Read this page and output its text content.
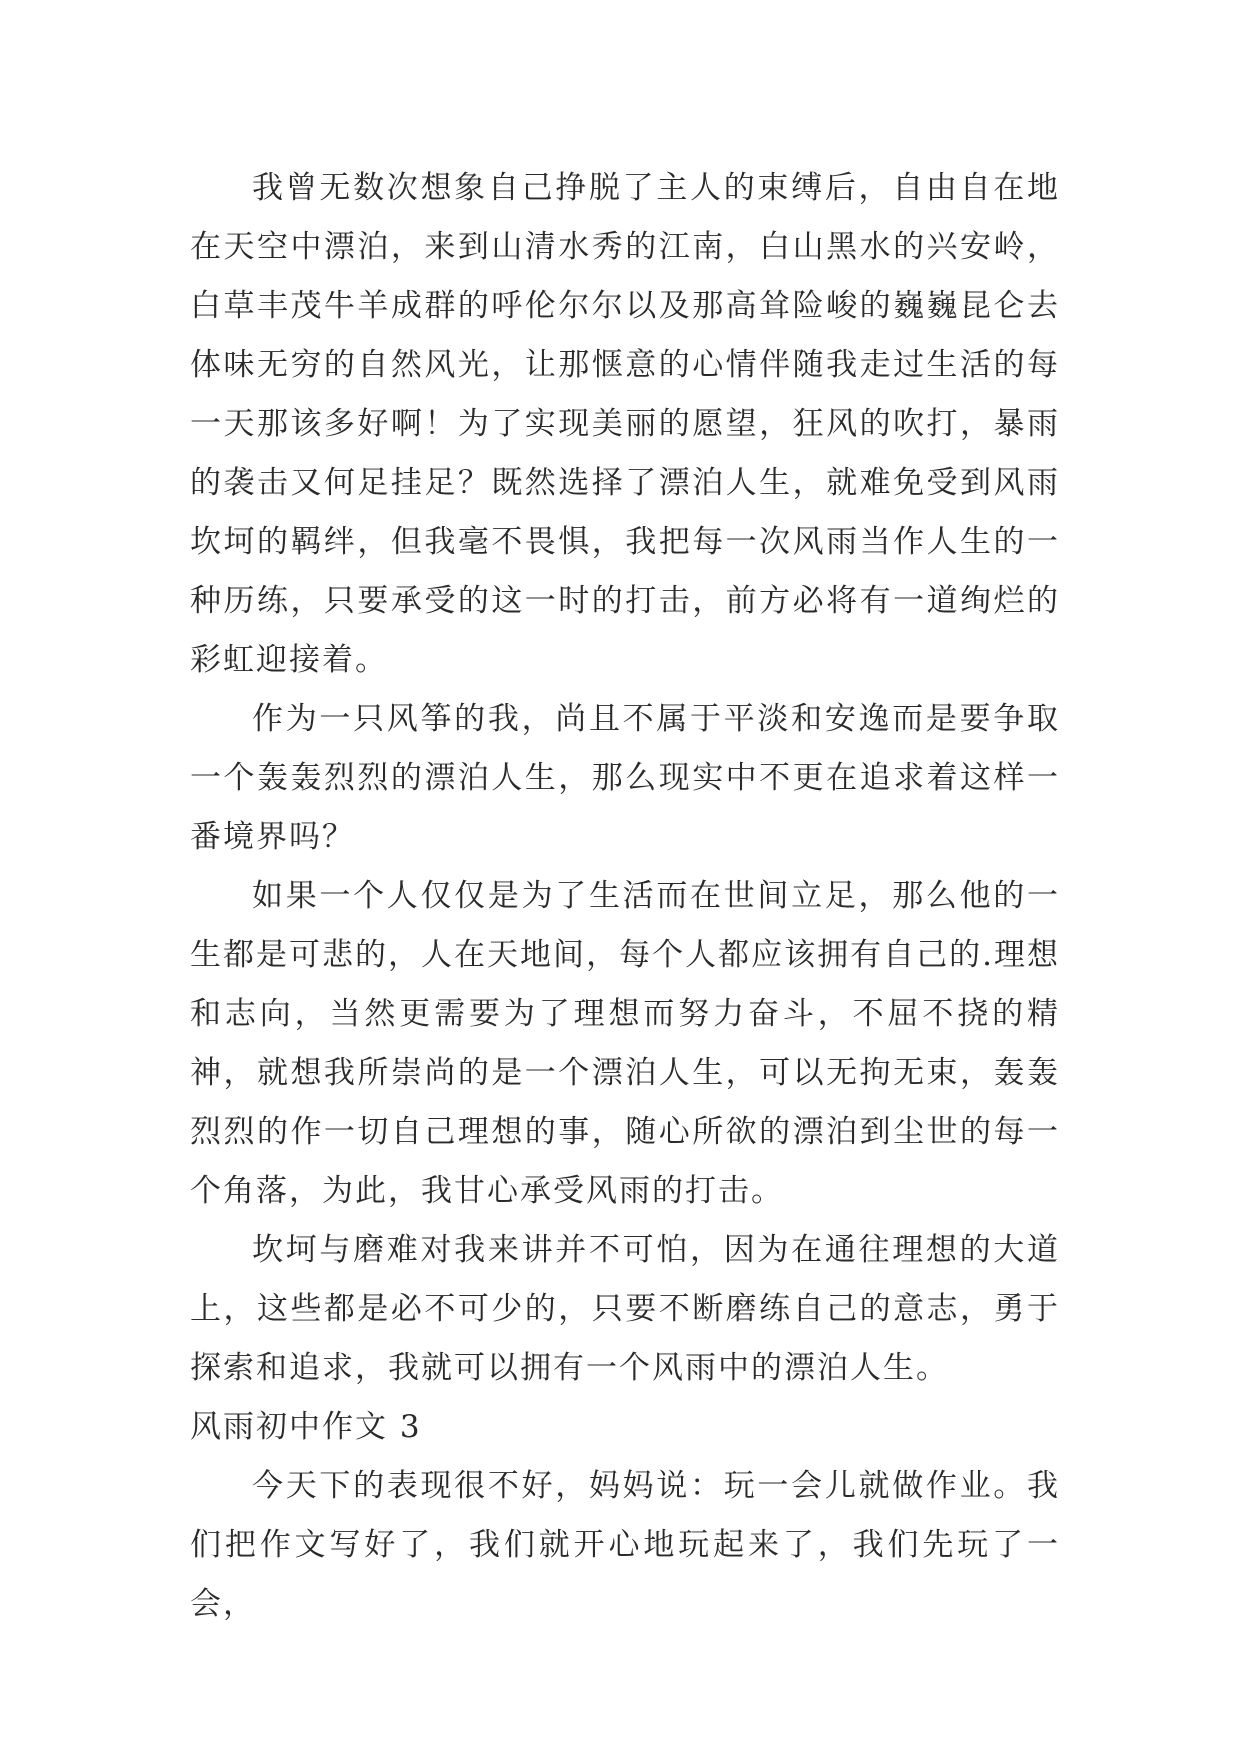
我曾无数次想象自己挣脱了主人的束缚后，自由自在地在天空中漂泊，来到山清水秀的江南，白山黑水的兴安岭，白草丰茂牛羊成群的呼伦尔尔以及那高耸险峻的巍巍昆仑去体味无穷的自然风光，让那惬意的心情伴随我走过生活的每一天那该多好啊！为了实现美丽的愿望，狂风的吹打，暴雨的袭击又何足挂足？既然选择了漂泊人生，就难免受到风雨坎坷的羁绊，但我毫不畏惧，我把每一次风雨当作人生的一种历练，只要承受的这一时的打击，前方必将有一道绚烂的彩虹迎接着。

作为一只风筝的我，尚且不属于平淡和安逸而是要争取一个轰轰烈烈的漂泊人生，那么现实中不更在追求着这样一番境界吗？

如果一个人仅仅是为了生活而在世间立足，那么他的一生都是可悲的，人在天地间，每个人都应该拥有自己的.理想和志向，当然更需要为了理想而努力奋斗，不屈不挠的精神，就想我所崇尚的是一个漂泊人生，可以无拘无束，轰轰烈烈的作一切自己理想的事，随心所欲的漂泊到尘世的每一个角落，为此，我甘心承受风雨的打击。

坎坷与磨难对我来讲并不可怕，因为在通往理想的大道上，这些都是必不可少的，只要不断磨练自己的意志，勇于探索和追求，我就可以拥有一个风雨中的漂泊人生。

风雨初中作文 3

今天下的表现很不好，妈妈说：玩一会儿就做作业。我们把作文写好了，我们就开心地玩起来了，我们先玩了一会，
